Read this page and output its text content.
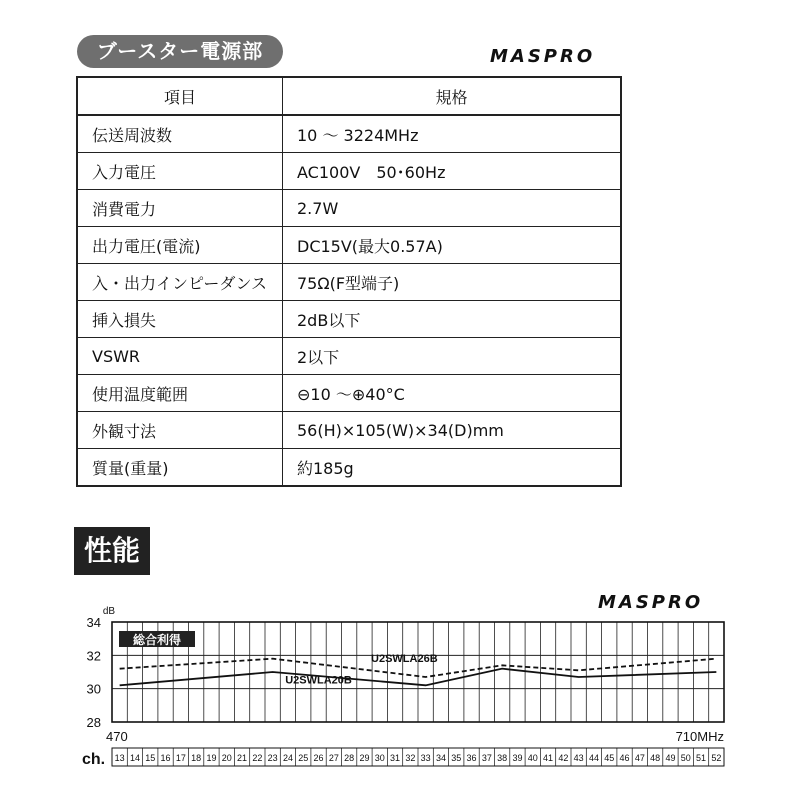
ブースター電源部	MASPRO
項目	規格
伝送周波数	10 ～ 3224MHz
入力電圧	AC100V　50･60Hz
消費電力	2.7W
出力電圧(電流)	DC15V(最大0.57A)
入・出力インピーダンス	75Ω(F型端子)
挿入損失	2dB以下
VSWR	2以下
使用温度範囲	⊖10 ～⊕40°C
外観寸法	56(H)×105(W)×34(D)mm
質量(重量)	約185g
性能
MASPRO
28
30
32
34
dB
総合利得
U2SWLA26B
U2SWLA20B
470	710MHz
13 14 15 16 17 18 19 20 21 22 23 24 25 26 27 28 29 30 31 32 33 34 35 36 37 38 39 40 41 42 43 44 45 46 47 48 49 50 51 52
ch.
